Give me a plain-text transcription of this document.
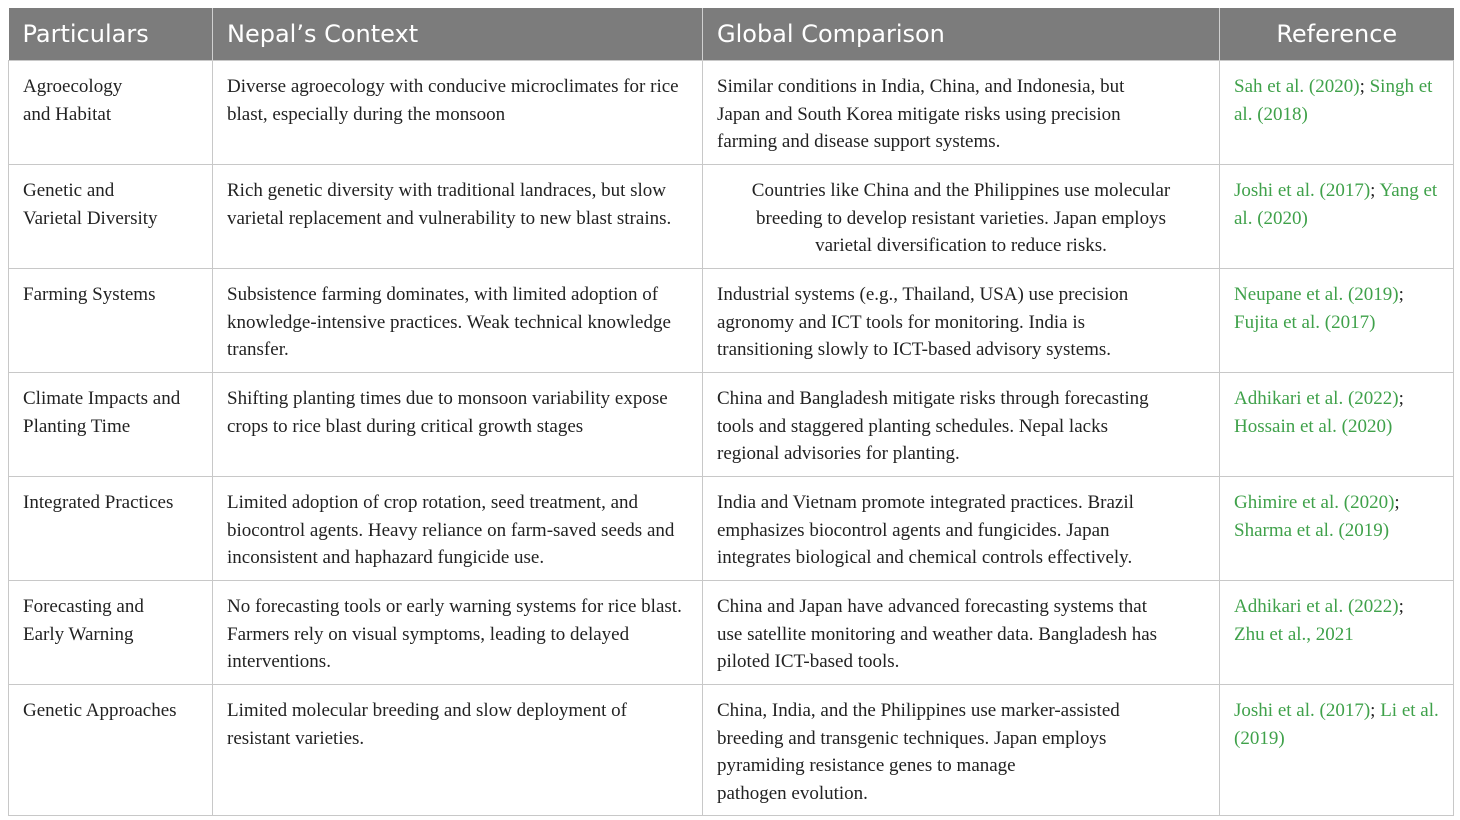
Particulars	Nepal’s Context	Global Comparison	Reference
Agroecology
and Habitat	Diverse agroecology with conducive microclimates for rice blast, especially during the monsoon	Similar conditions in India, China, and Indonesia, but
Japan and South Korea mitigate risks using precision
farming and disease support systems.	Sah et al. (2020); Singh et al. (2018)
Genetic and
Varietal Diversity	Rich genetic diversity with traditional landraces, but slow varietal replacement and vulnerability to new blast strains.	Countries like China and the Philippines use molecular
breeding to develop resistant varieties. Japan employs
varietal diversification to reduce risks.	Joshi et al. (2017); Yang et al. (2020)
Farming Systems	Subsistence farming dominates, with limited adoption of knowledge-intensive practices. Weak technical knowledge transfer.	Industrial systems (e.g., Thailand, USA) use precision
agronomy and ICT tools for monitoring. India is
transitioning slowly to ICT-based advisory systems.	Neupane et al. (2019); Fujita et al. (2017)
Climate Impacts and
Planting Time	Shifting planting times due to monsoon variability expose crops to rice blast during critical growth stages	China and Bangladesh mitigate risks through forecasting
tools and staggered planting schedules. Nepal lacks
regional advisories for planting.	Adhikari et al. (2022); Hossain et al. (2020)
Integrated Practices	Limited adoption of crop rotation, seed treatment, and biocontrol agents. Heavy reliance on farm-saved seeds and inconsistent and haphazard fungicide use.	India and Vietnam promote integrated practices. Brazil
emphasizes biocontrol agents and fungicides. Japan
integrates biological and chemical controls effectively.	Ghimire et al. (2020); Sharma et al. (2019)
Forecasting and
Early Warning	No forecasting tools or early warning systems for rice blast. Farmers rely on visual symptoms, leading to delayed interventions.	China and Japan have advanced forecasting systems that
use satellite monitoring and weather data. Bangladesh has
piloted ICT-based tools.	Adhikari et al. (2022); Zhu et al., 2021
Genetic Approaches	Limited molecular breeding and slow deployment of resistant varieties.	China, India, and the Philippines use marker-assisted
breeding and transgenic techniques. Japan employs
pyramiding resistance genes to manage
pathogen evolution.	Joshi et al. (2017); Li et al. (2019)
